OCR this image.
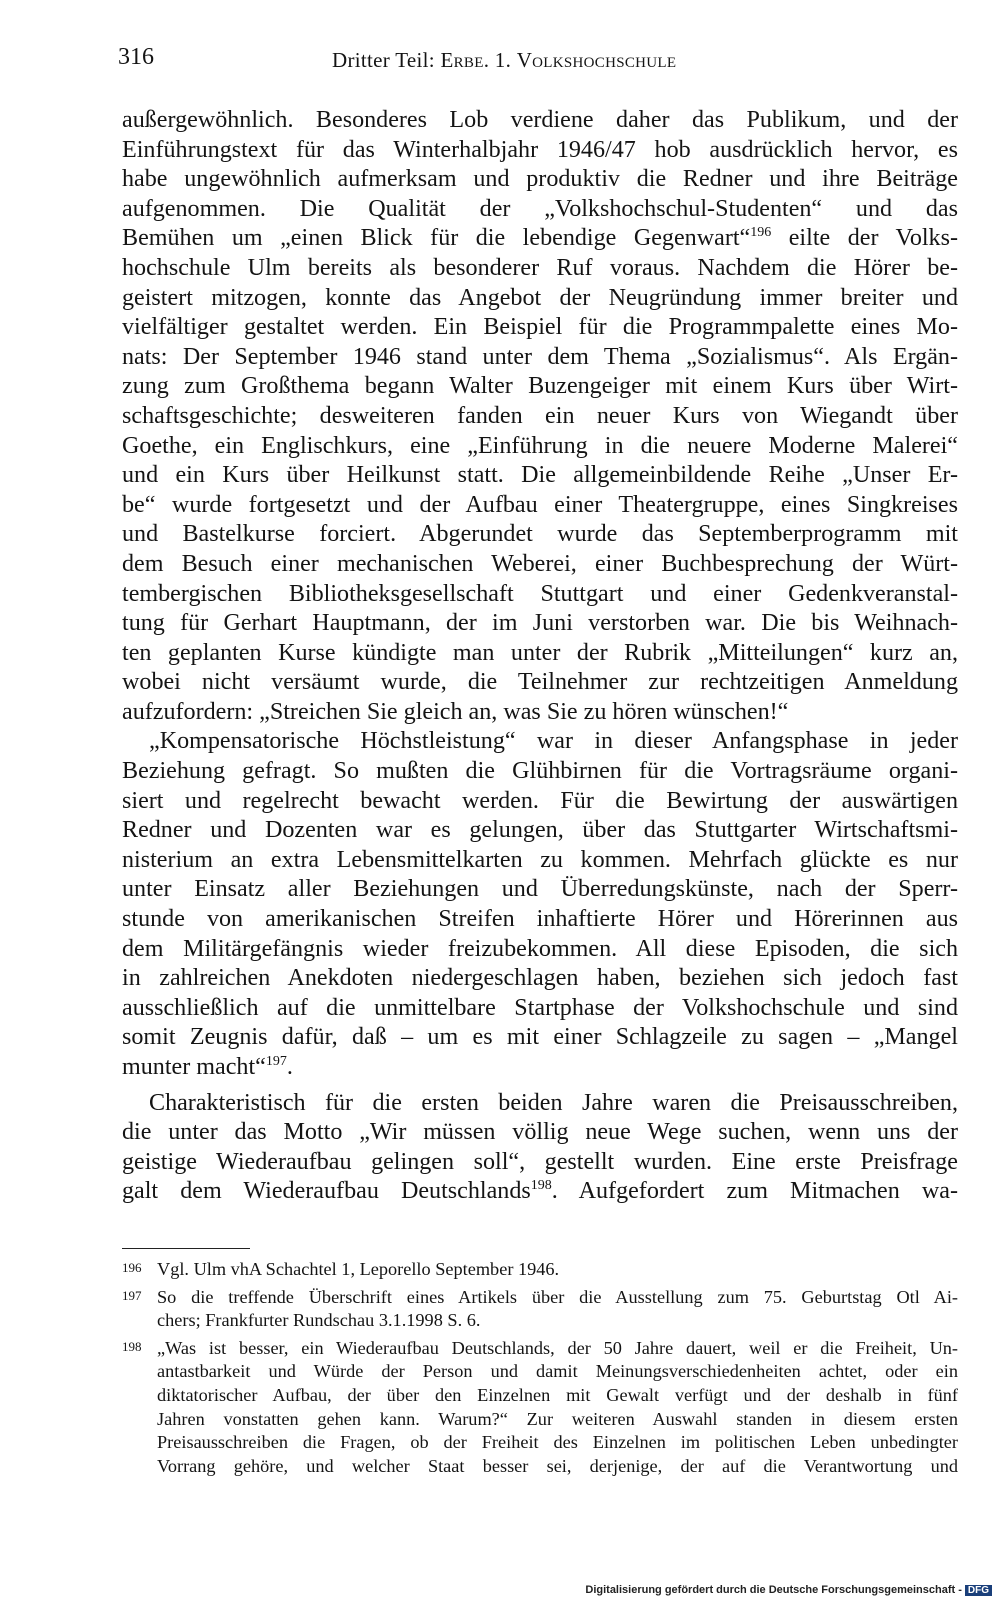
316	Dritter Teil: Erbe. 1. Volkshochschule
außergewöhnlich. Besonderes Lob verdiene daher das Publikum, und der
Einführungstext für das Winterhalbjahr 1946/47 hob ausdrücklich hervor, es
habe ungewöhnlich aufmerksam und produktiv die Redner und ihre Beiträge
aufgenommen. Die Qualität der „Volkshochschul-Studenten“ und das
Bemühen um „einen Blick für die lebendige Gegenwart“$^{196}$ eilte der Volks-
hochschule Ulm bereits als besonderer Ruf voraus. Nachdem die Hörer be-
geistert mitzogen, konnte das Angebot der Neugründung immer breiter und
vielfältiger gestaltet werden. Ein Beispiel für die Programmpalette eines Mo-
nats: Der September 1946 stand unter dem Thema „Sozialismus“. Als Ergän-
zung zum Großthema begann Walter Buzengeiger mit einem Kurs über Wirt-
schaftsgeschichte; desweiteren fanden ein neuer Kurs von Wiegandt über
Goethe, ein Englischkurs, eine „Einführung in die neuere Moderne Malerei“
und ein Kurs über Heilkunst statt. Die allgemeinbildende Reihe „Unser Er-
be“ wurde fortgesetzt und der Aufbau einer Theatergruppe, eines Singkreises
und Bastelkurse forciert. Abgerundet wurde das Septemberprogramm mit
dem Besuch einer mechanischen Weberei, einer Buchbesprechung der Würt-
tembergischen Bibliotheksgesellschaft Stuttgart und einer Gedenkveranstal-
tung für Gerhart Hauptmann, der im Juni verstorben war. Die bis Weihnach-
ten geplanten Kurse kündigte man unter der Rubrik „Mitteilungen“ kurz an,
wobei nicht versäumt wurde, die Teilnehmer zur rechtzeitigen Anmeldung
aufzufordern: „Streichen Sie gleich an, was Sie zu hören wünschen!“
„Kompensatorische Höchstleistung“ war in dieser Anfangsphase in jeder
Beziehung gefragt. So mußten die Glühbirnen für die Vortragsräume organi-
siert und regelrecht bewacht werden. Für die Bewirtung der auswärtigen
Redner und Dozenten war es gelungen, über das Stuttgarter Wirtschaftsmi-
nisterium an extra Lebensmittelkarten zu kommen. Mehrfach glückte es nur
unter Einsatz aller Beziehungen und Überredungskünste, nach der Sperr-
stunde von amerikanischen Streifen inhaftierte Hörer und Hörerinnen aus
dem Militärgefängnis wieder freizubekommen. All diese Episoden, die sich
in zahlreichen Anekdoten niedergeschlagen haben, beziehen sich jedoch fast
ausschließlich auf die unmittelbare Startphase der Volkshochschule und sind
somit Zeugnis dafür, daß – um es mit einer Schlagzeile zu sagen – „Mangel
munter macht“$^{197}$.
Charakteristisch für die ersten beiden Jahre waren die Preisausschreiben,
die unter das Motto „Wir müssen völlig neue Wege suchen, wenn uns der
geistige Wiederaufbau gelingen soll“, gestellt wurden. Eine erste Preisfrage
galt dem Wiederaufbau Deutschlands$^{198}$. Aufgefordert zum Mitmachen wa-
196 Vgl. Ulm vhA Schachtel 1, Leporello September 1946.
197 So die treffende Überschrift eines Artikels über die Ausstellung zum 75. Geburtstag Otl Ai-
chers; Frankfurter Rundschau 3.1.1998 S. 6.
198 „Was ist besser, ein Wiederaufbau Deutschlands, der 50 Jahre dauert, weil er die Freiheit, Un-
antastbarkeit und Würde der Person und damit Meinungsverschiedenheiten achtet, oder ein
diktatorischer Aufbau, der über den Einzelnen mit Gewalt verfügt und der deshalb in fünf
Jahren vonstatten gehen kann. Warum?“ Zur weiteren Auswahl standen in diesem ersten
Preisausschreiben die Fragen, ob der Freiheit des Einzelnen im politischen Leben unbedingter
Vorrang gehöre, und welcher Staat besser sei, derjenige, der auf die Verantwortung und
Digitalisierung gefördert durch die Deutsche Forschungsgemeinschaft - DFG
